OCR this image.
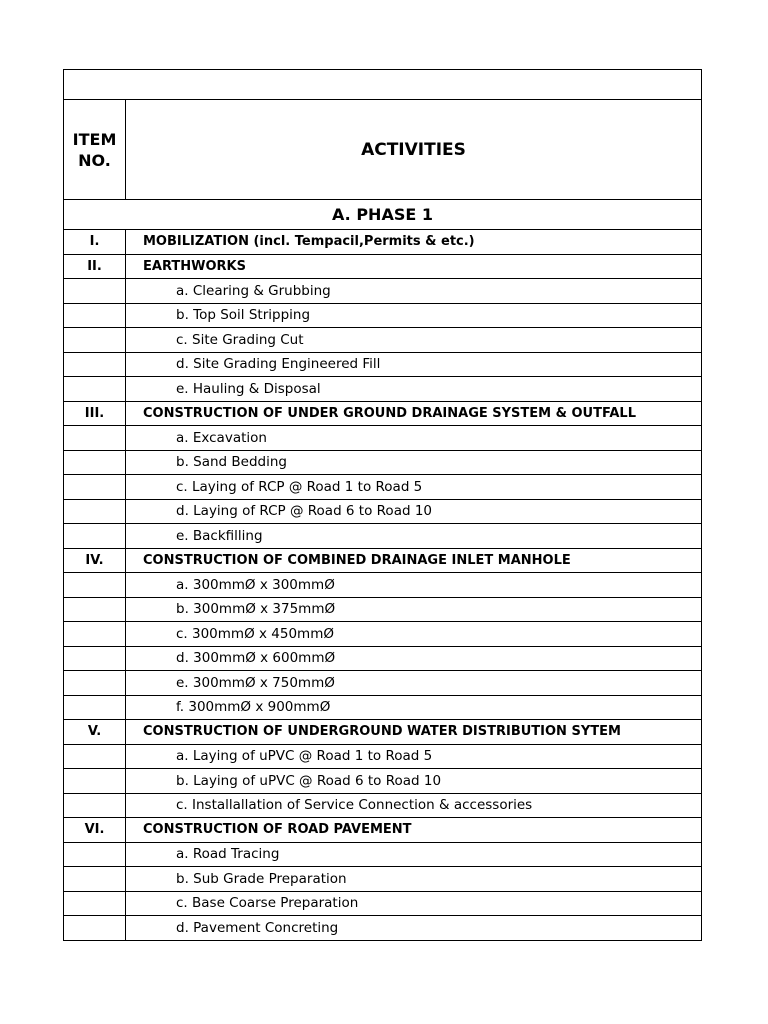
ITEM
NO.	ACTIVITIES
A. PHASE 1	
I.	MOBILIZATION (incl. Tempacil,Permits & etc.)
II.	EARTHWORKS
	a. Clearing & Grubbing
	b. Top Soil Stripping
	c. Site Grading Cut
	d. Site Grading Engineered Fill
	e. Hauling & Disposal
III.	CONSTRUCTION OF UNDER GROUND DRAINAGE SYSTEM & OUTFALL
	a. Excavation
	b. Sand Bedding
	c. Laying of RCP @ Road 1 to Road 5
	d. Laying of RCP @ Road 6 to Road 10
	e. Backfilling
IV.	CONSTRUCTION OF COMBINED DRAINAGE INLET MANHOLE
	a. 300mmØ x 300mmØ
	b. 300mmØ x 375mmØ
	c. 300mmØ x 450mmØ
	d. 300mmØ x 600mmØ
	e. 300mmØ x 750mmØ
	f. 300mmØ x 900mmØ
V.	CONSTRUCTION OF UNDERGROUND WATER DISTRIBUTION SYTEM
	a. Laying of uPVC @ Road 1 to Road 5
	b. Laying of uPVC @ Road 6 to Road 10
	c. Installallation of Service Connection & accessories
VI.	CONSTRUCTION OF ROAD PAVEMENT
	a. Road Tracing
	b. Sub Grade Preparation
	c. Base Coarse Preparation
	d. Pavement Concreting
